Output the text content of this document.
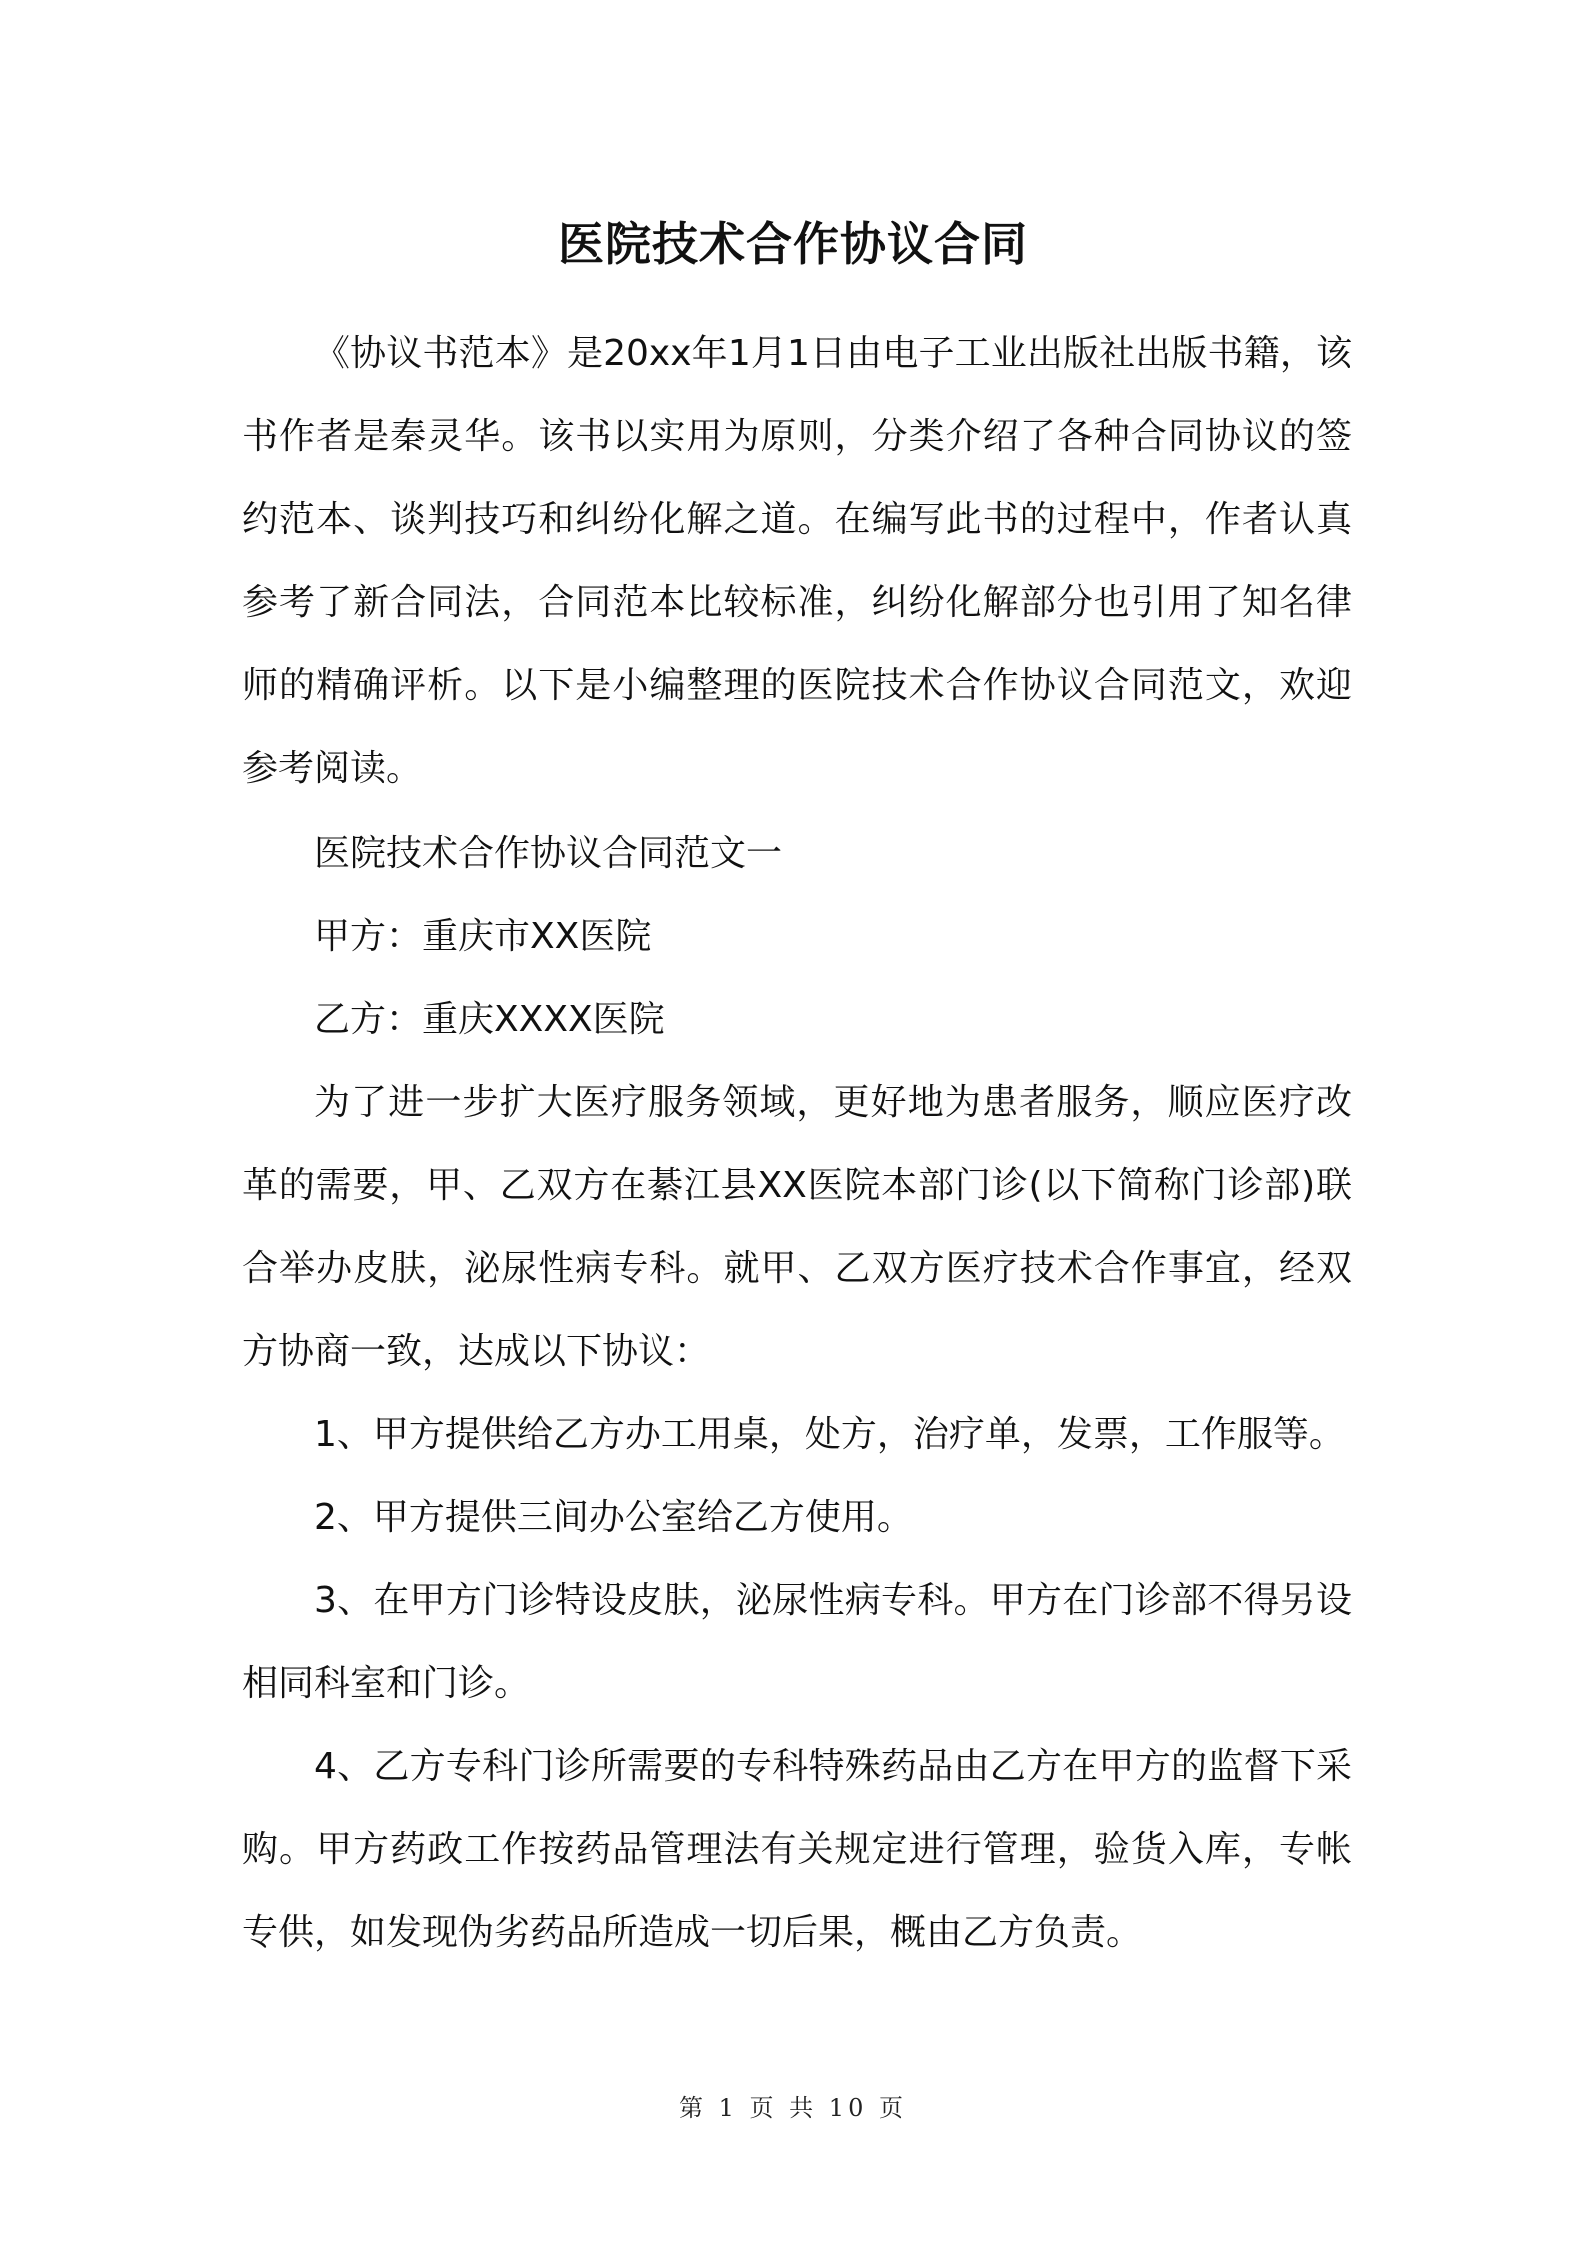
医院技术合作协议合同

《协议书范本》是20xx年1月1日由电子工业出版社出版书籍，该书作者是秦灵华。该书以实用为原则，分类介绍了各种合同协议的签约范本、谈判技巧和纠纷化解之道。在编写此书的过程中，作者认真参考了新合同法，合同范本比较标准，纠纷化解部分也引用了知名律师的精确评析。以下是小编整理的医院技术合作协议合同范文，欢迎参考阅读。

医院技术合作协议合同范文一

甲方：重庆市XX医院

乙方：重庆XXXX医院

为了进一步扩大医疗服务领域，更好地为患者服务，顺应医疗改革的需要，甲、乙双方在綦江县XX医院本部门诊(以下简称门诊部)联合举办皮肤，泌尿性病专科。就甲、乙双方医疗技术合作事宜，经双方协商一致，达成以下协议：

1、甲方提供给乙方办工用桌，处方，治疗单，发票，工作服等。

2、甲方提供三间办公室给乙方使用。

3、在甲方门诊特设皮肤，泌尿性病专科。甲方在门诊部不得另设相同科室和门诊。

4、乙方专科门诊所需要的专科特殊药品由乙方在甲方的监督下采购。甲方药政工作按药品管理法有关规定进行管理，验货入库，专帐专供，如发现伪劣药品所造成一切后果，概由乙方负责。

第 1 页 共 10 页
